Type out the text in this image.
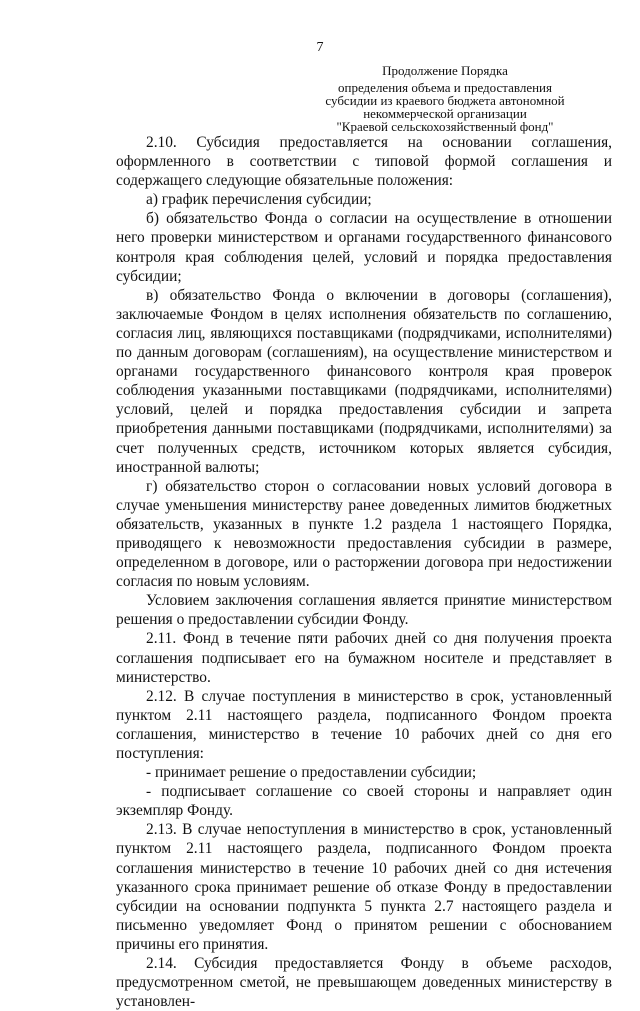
7
Продолжение Порядка
определения объема и предоставления
субсидии из краевого бюджета автономной
некоммерческой организации
"Краевой сельскохозяйственный фонд"

2.10. Субсидия предоставляется на основании соглашения, оформленного в соответствии с типовой формой соглашения и содержащего следующие обязательные положения:

а) график перечисления субсидии;

б) обязательство Фонда о согласии на осуществление в отношении него проверки министерством и органами государственного финансового контроля края соблюдения целей, условий и порядка предоставления субсидии;

в) обязательство Фонда о включении в договоры (соглашения), заключаемые Фондом в целях исполнения обязательств по соглашению, согласия лиц, являющихся поставщиками (подрядчиками, исполнителями) по данным договорам (соглашениям), на осуществление министерством и органами государственного финансового контроля края проверок соблюдения указанными поставщиками (подрядчиками, исполнителями) условий, целей и порядка предоставления субсидии и запрета приобретения данными поставщиками (подрядчиками, исполнителями) за счет полученных средств, источником которых является субсидия, иностранной валюты;

г) обязательство сторон о согласовании новых условий договора в случае уменьшения министерству ранее доведенных лимитов бюджетных обязательств, указанных в пункте 1.2 раздела 1 настоящего Порядка, приводящего к невозможности предоставления субсидии в размере, определенном в договоре, или о расторжении договора при недостижении согласия по новым условиям.

Условием заключения соглашения является принятие министерством решения о предоставлении субсидии Фонду.

2.11. Фонд в течение пяти рабочих дней со дня получения проекта соглашения подписывает его на бумажном носителе и представляет в министерство.

2.12. В случае поступления в министерство в срок, установленный пунктом 2.11 настоящего раздела, подписанного Фондом проекта соглашения, министерство в течение 10 рабочих дней со дня его поступления:

- принимает решение о предоставлении субсидии;

- подписывает соглашение со своей стороны и направляет один экземпляр Фонду.

2.13. В случае непоступления в министерство в срок, установленный пунктом 2.11 настоящего раздела, подписанного Фондом проекта соглашения министерство в течение 10 рабочих дней со дня истечения указанного срока принимает решение об отказе Фонду в предоставлении субсидии на основании подпункта 5 пункта 2.7 настоящего раздела и письменно уведомляет Фонд о принятом решении с обоснованием причины его принятия.

2.14. Субсидия предоставляется Фонду в объеме расходов, предусмотренном сметой, не превышающем доведенных министерству в установлен-
